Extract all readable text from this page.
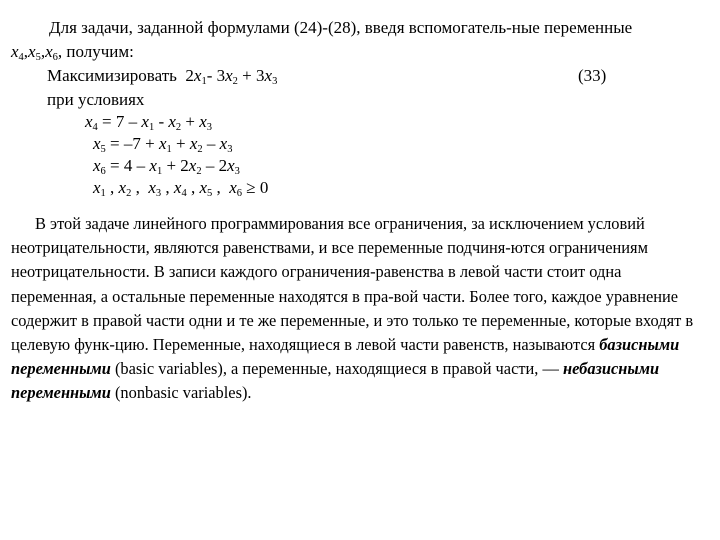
Для задачи, заданной формулами (24)-(28), введя вспомогатель-ные переменные
$x_4,x_5,x_6$, получим:
Максимизировать $2x_1-$ $3x_2 + 3x_3$	(33)
при условиях
$x_4 = 7 - x_1 - x_2 + x_3$
$x_5 = -7 + x_1 + x_2 - x_3$
$x_6 = 4 - x_1 + 2x_2 - 2x_3$
$x_1$ , $x_2$ ,  $x_3$ , $x_4$ , $x_5$ ,  $x_6 \ge 0$
В этой задаче линейного программирования все ограничения, за исключением условий неотрицательности, являются равенствами, и все переменные подчиня-ются ограничениям неотрицательности. В записи каждого ограничения-равенства в левой части стоит одна переменная, а остальные переменные находятся в пра-вой части. Более того, каждое уравнение содержит в правой части одни и те же переменные, и это только те переменные, которые входят в целевую функ-цию. Переменные, находящиеся в левой части равенств, называются базисными переменными (basic variables), а переменные, находящиеся в правой части, — небазисными переменными (nonbasic variables).
